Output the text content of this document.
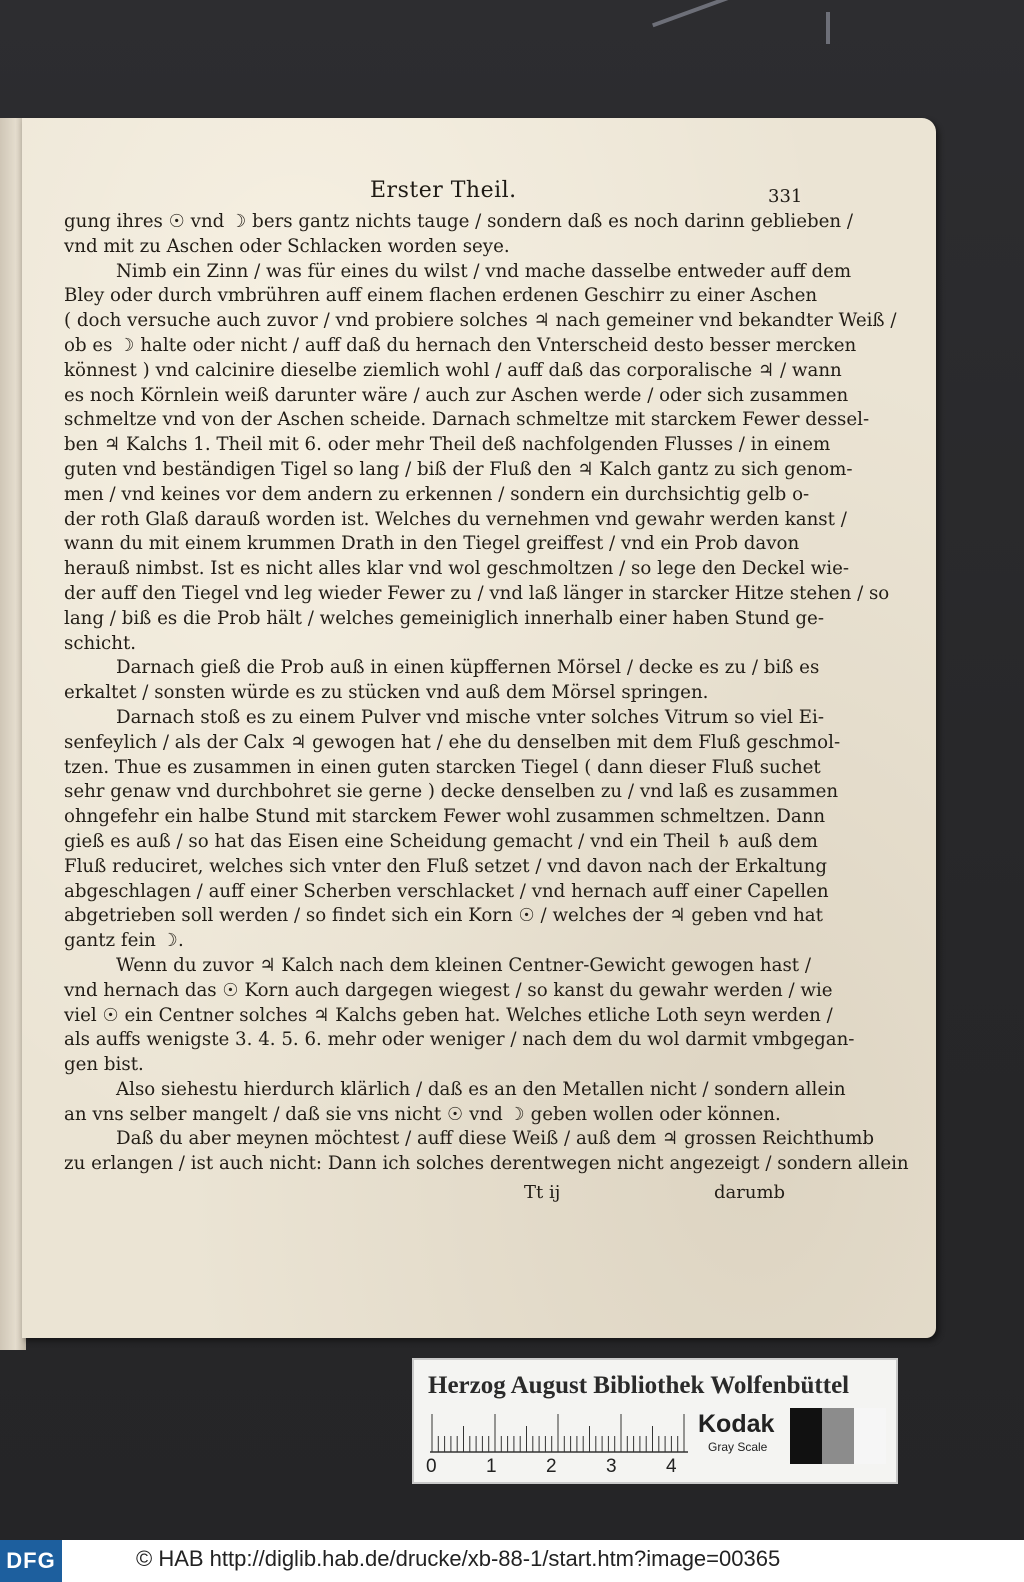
Erster Theil.	331
gung ihres ☉ vnd ☽ bers gantz nichts tauge / sondern daß es noch darinn geblieben /
vnd mit zu Aschen oder Schlacken worden seye.
Nimb ein Zinn / was für eines du wilst / vnd mache dasselbe entweder auff dem
Bley oder durch vmbrühren auff einem flachen erdenen Geschirr zu einer Aschen
( doch versuche auch zuvor / vnd probiere solches ♃ nach gemeiner vnd bekandter Weiß /
ob es ☽ halte oder nicht / auff daß du hernach den Vnterscheid desto besser mercken
könnest ) vnd calcinire dieselbe ziemlich wohl / auff daß das corporalische ♃ / wann
es noch Körnlein weiß darunter wäre / auch zur Aschen werde / oder sich zusammen
schmeltze vnd von der Aschen scheide. Darnach schmeltze mit starckem Fewer dessel-
ben ♃ Kalchs 1. Theil mit 6. oder mehr Theil deß nachfolgenden Flusses / in einem
guten vnd beständigen Tigel so lang / biß der Fluß den ♃ Kalch gantz zu sich genom-
men / vnd keines vor dem andern zu erkennen / sondern ein durchsichtig gelb o-
der roth Glaß darauß worden ist. Welches du vernehmen vnd gewahr werden kanst /
wann du mit einem krummen Drath in den Tiegel greiffest / vnd ein Prob davon
herauß nimbst. Ist es nicht alles klar vnd wol geschmoltzen / so lege den Deckel wie-
der auff den Tiegel vnd leg wieder Fewer zu / vnd laß länger in starcker Hitze stehen / so
lang / biß es die Prob hält / welches gemeiniglich innerhalb einer haben Stund ge-
schicht.
Darnach gieß die Prob auß in einen küpffernen Mörsel / decke es zu / biß es
erkaltet / sonsten würde es zu stücken vnd auß dem Mörsel springen.
Darnach stoß es zu einem Pulver vnd mische vnter solches Vitrum so viel Ei-
senfeylich / als der Calx ♃ gewogen hat / ehe du denselben mit dem Fluß geschmol-
tzen. Thue es zusammen in einen guten starcken Tiegel ( dann dieser Fluß suchet
sehr genaw vnd durchbohret sie gerne ) decke denselben zu / vnd laß es zusammen
ohngefehr ein halbe Stund mit starckem Fewer wohl zusammen schmeltzen. Dann
gieß es auß / so hat das Eisen eine Scheidung gemacht / vnd ein Theil ♄ auß dem
Fluß reduciret, welches sich vnter den Fluß setzet / vnd davon nach der Erkaltung
abgeschlagen / auff einer Scherben verschlacket / vnd hernach auff einer Capellen
abgetrieben soll werden / so findet sich ein Korn ☉ / welches der ♃ geben vnd hat
gantz fein ☽.
Wenn du zuvor ♃ Kalch nach dem kleinen Centner-Gewicht gewogen hast /
vnd hernach das ☉ Korn auch dargegen wiegest / so kanst du gewahr werden / wie
viel ☉ ein Centner solches ♃ Kalchs geben hat. Welches etliche Loth seyn werden /
als auffs wenigste 3. 4. 5. 6. mehr oder weniger / nach dem du wol darmit vmbgegan-
gen bist.
Also siehestu hierdurch klärlich / daß es an den Metallen nicht / sondern allein
an vns selber mangelt / daß sie vns nicht ☉ vnd ☽ geben wollen oder können.
Daß du aber meynen möchtest / auff diese Weiß / auß dem ♃ grossen Reichthumb
zu erlangen / ist auch nicht: Dann ich solches derentwegen nicht angezeigt / sondern allein
Tt ij	darumb
Herzog August Bibliothek Wolfenbüttel
0	1	2	3	4
Kodak
Gray Scale
DFG	© HAB http://diglib.hab.de/drucke/xb-88-1/start.htm?image=00365
